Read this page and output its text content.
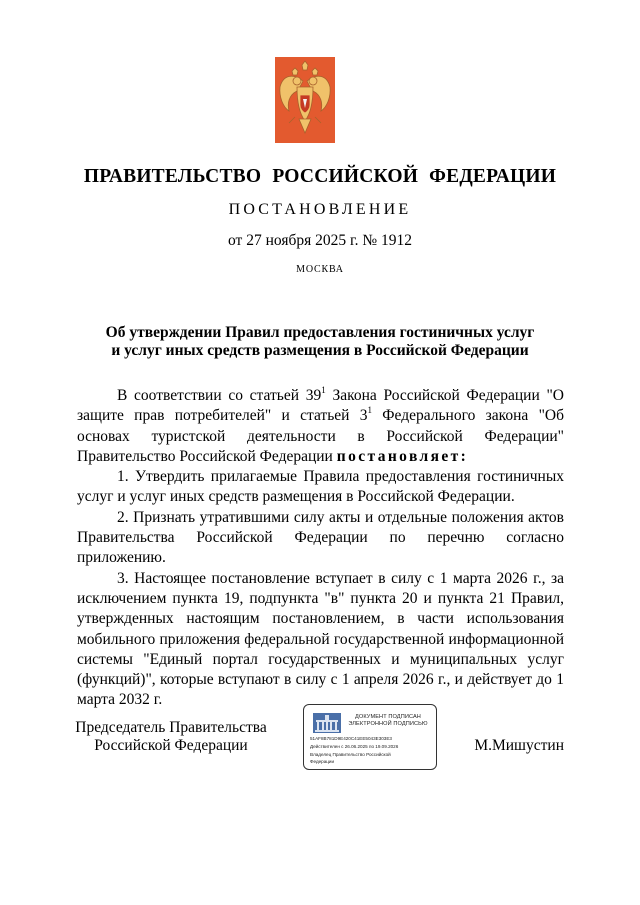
ПРАВИТЕЛЬСТВО РОССИЙСКОЙ ФЕДЕРАЦИИ
ПОСТАНОВЛЕНИЕ
от 27 ноября 2025 г. № 1912
МОСКВА
Об утверждении Правил предоставления гостиничных услуг
и услуг иных средств размещения в Российской Федерации

В соответствии со статьей $39^1$ Закона Российской Федерации "О защите прав потребителей" и статьей $3^1$ Федерального закона "Об основах туристской деятельности в Российской Федерации" Правительство Российской Федерации постановляет:

1. Утвердить прилагаемые Правила предоставления гостиничных услуг и услуг иных средств размещения в Российской Федерации.

2. Признать утратившими силу акты и отдельные положения актов Правительства Российской Федерации по перечню согласно приложению.

3. Настоящее постановление вступает в силу с 1 марта 2026 г., за исключением пункта 19, подпункта "в" пункта 20 и пункта 21 Правил, утвержденных настоящим постановлением, в части использования мобильного приложения федеральной государственной информационной системы "Единый портал государственных и муниципальных услуг (функций)", которые вступают в силу с 1 апреля 2026 г., и действует до 1 марта 2032 г.

Председатель Правительства
Российской Федерации
ДОКУМЕНТ ПОДПИСАН
ЭЛЕКТРОННОЙ ПОДПИСЬЮ
51AF8B781D9E420C41EE5043E303E3
Действителен с 26.06.2025 по 19.09.2026
Владелец Правительство Российской
Федерации
М.Мишустин
